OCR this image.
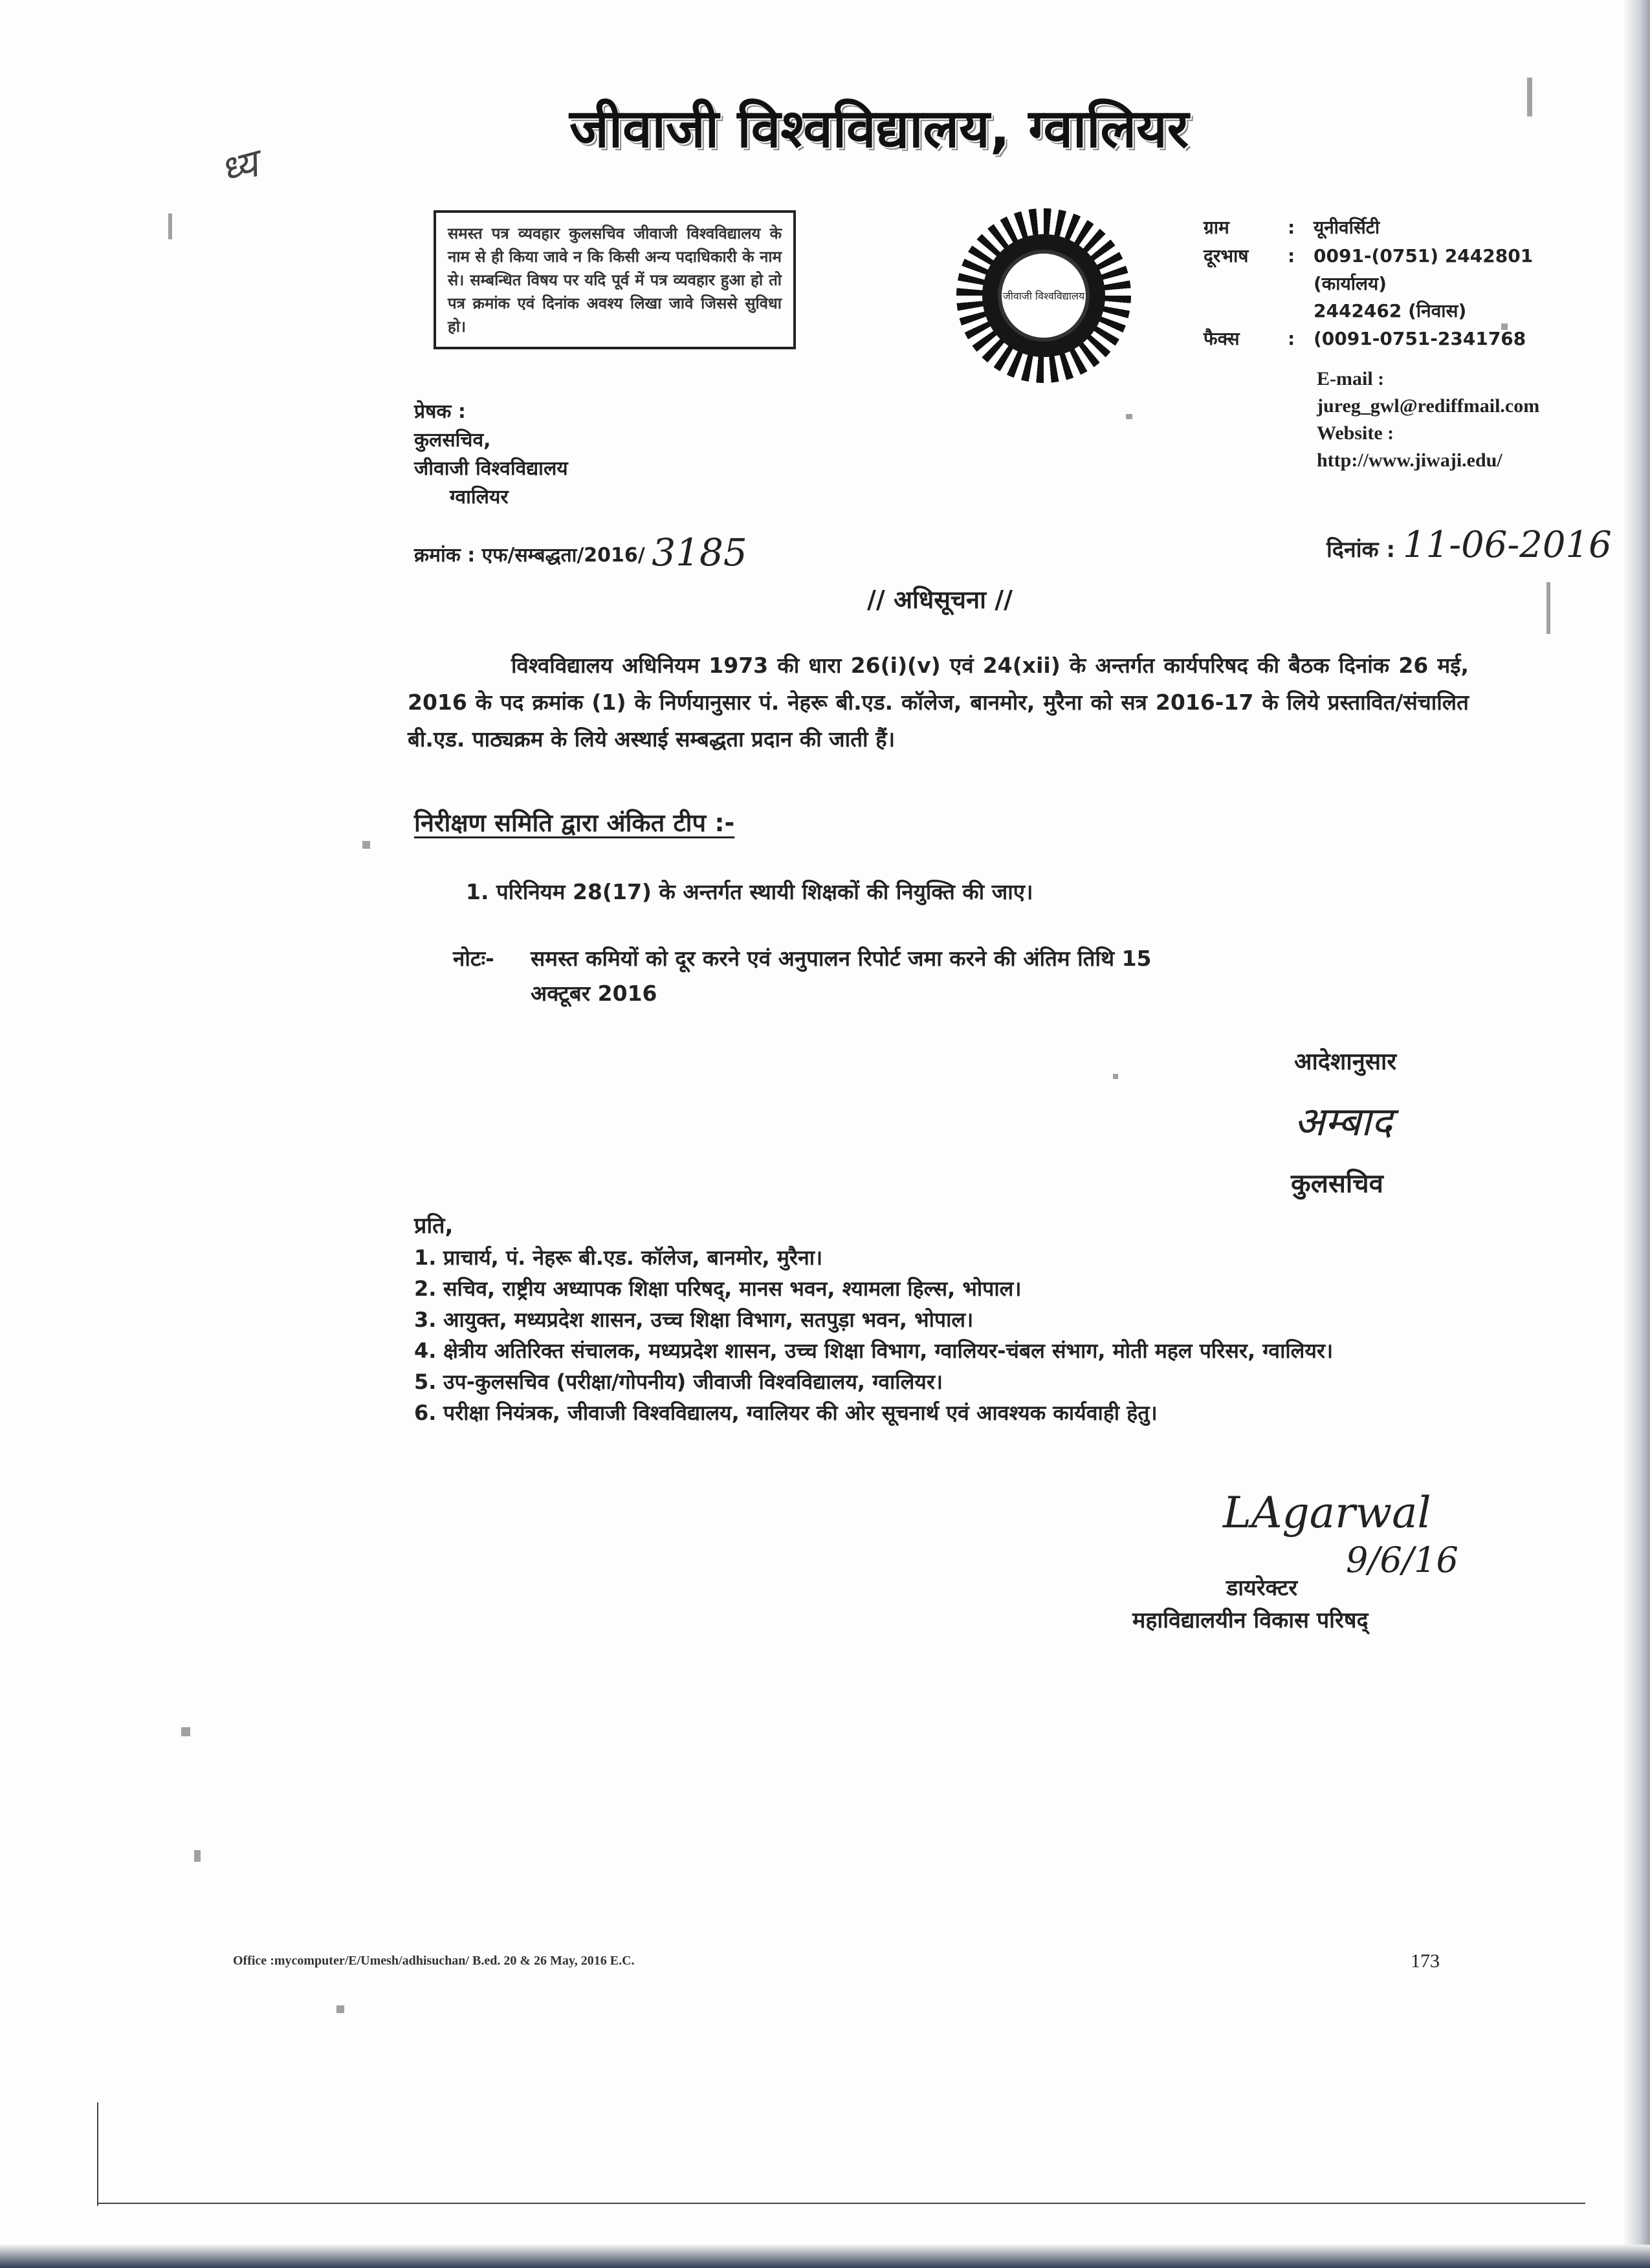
ध्य
जीवाजी विश्वविद्यालय, ग्वालियर
समस्त पत्र व्यवहार कुलसचिव जीवाजी विश्वविद्यालय के नाम से ही किया जावे न कि किसी अन्य पदाधिकारी के नाम से। सम्बन्धित विषय पर यदि पूर्व में पत्र व्यवहार हुआ हो तो पत्र क्रमांक एवं दिनांक अवश्य लिखा जावे जिससे सुविधा हो।
जीवाजी विश्वविद्यालय
ग्राम	:	यूनीवर्सिटी
दूरभाष	:	0091-(0751) 2442801
(कार्यालय)
2442462 (निवास)
फैक्स	:	(0091-0751-2341768
E-mail :
jureg_gwl@rediffmail.com
Website :
http://www.jiwaji.edu/
प्रेषक :
कुलसचिव,
जीवाजी विश्वविद्यालय
ग्वालियर
क्रमांक : एफ/सम्बद्धता/2016/ 3185	दिनांक : 11-06-2016
// अधिसूचना //
विश्वविद्यालय अधिनियम 1973 की धारा 26(i)(v) एवं 24(xii) के अन्तर्गत कार्यपरिषद की बैठक दिनांक 26 मई, 2016 के पद क्रमांक (1) के निर्णयानुसार पं. नेहरू बी.एड. कॉलेज, बानमोर, मुरैना को सत्र 2016-17 के लिये प्रस्तावित/संचालित बी.एड. पाठ्यक्रम के लिये अस्थाई सम्बद्धता प्रदान की जाती हैं।
निरीक्षण समिति द्वारा अंकित टीप :-
1. परिनियम 28(17) के अन्तर्गत स्थायी शिक्षकों की नियुक्ति की जाए।
नोटः- समस्त कमियों को दूर करने एवं अनुपालन रिपोर्ट जमा करने की अंतिम तिथि 15
अक्टूबर 2016
आदेशानुसार
अम्बाद
कुलसचिव
प्रति,
1. प्राचार्य, पं. नेहरू बी.एड. कॉलेज, बानमोर, मुरैना।
2. सचिव, राष्ट्रीय अध्यापक शिक्षा परिषद्, मानस भवन, श्यामला हिल्स, भोपाल।
3. आयुक्त, मध्यप्रदेश शासन, उच्च शिक्षा विभाग, सतपुड़ा भवन, भोपाल।
4. क्षेत्रीय अतिरिक्त संचालक, मध्यप्रदेश शासन, उच्च शिक्षा विभाग, ग्वालियर-चंबल संभाग, मोती महल परिसर, ग्वालियर।
5. उप-कुलसचिव (परीक्षा/गोपनीय) जीवाजी विश्वविद्यालय, ग्वालियर।
6. परीक्षा नियंत्रक, जीवाजी विश्वविद्यालय, ग्वालियर की ओर सूचनार्थ एवं आवश्यक कार्यवाही हेतु।
LAgarwal
9/6/16
डायरेक्टर
महाविद्यालयीन विकास परिषद्
Office :mycomputer/E/Umesh/adhisuchan/ B.ed. 20 & 26 May, 2016 E.C.	173
